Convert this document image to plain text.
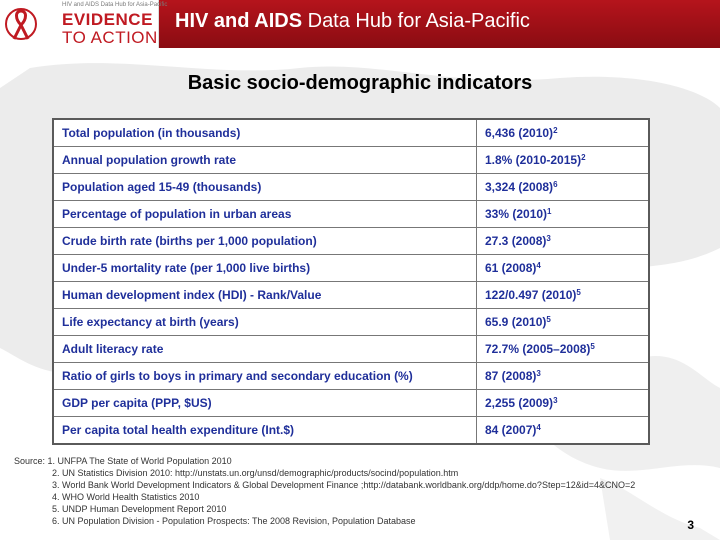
HIV and AIDS Data Hub for Asia-Pacific
EVIDENCE
TO ACTION
HIV and AIDS Data Hub for Asia-Pacific
Basic socio-demographic indicators
Total population (in thousands)	6,436 $(2010)^2$
Annual population growth rate	1.8% (2010-2015)$^2$
Population aged 15-49 (thousands)	3,324 $(2008)^6$
Percentage of population in urban areas	33% $(2010)^1$
Crude birth rate (births per 1,000 population)	27.3 $(2008)^3$
Under-5 mortality rate (per 1,000 live births)	61 $(2008)^4$
Human development index (HDI) - Rank/Value	122/0.497 $(2010)^5$
Life expectancy at birth (years)	65.9 $(2010)^5$
Adult literacy rate	72.7% (2005–2008)$^5$
Ratio of girls to boys in primary and secondary education (%)	87 $(2008)^3$
GDP per capita (PPP, $US)	2,255 $(2009)^3$
Per capita total health expenditure (Int.$)	84 $(2007)^4$
Source: 1. UNFPA The State of World Population 2010
2. UN Statistics Division 2010: http://unstats.un.org/unsd/demographic/products/socind/population.htm
3. World Bank World Development Indicators & Global Development Finance ;http://databank.worldbank.org/ddp/home.do?Step=12&id=4&CNO=2
4. WHO World Health Statistics 2010
5. UNDP Human Development Report 2010
6. UN Population Division - Population Prospects: The 2008 Revision, Population Database	3
